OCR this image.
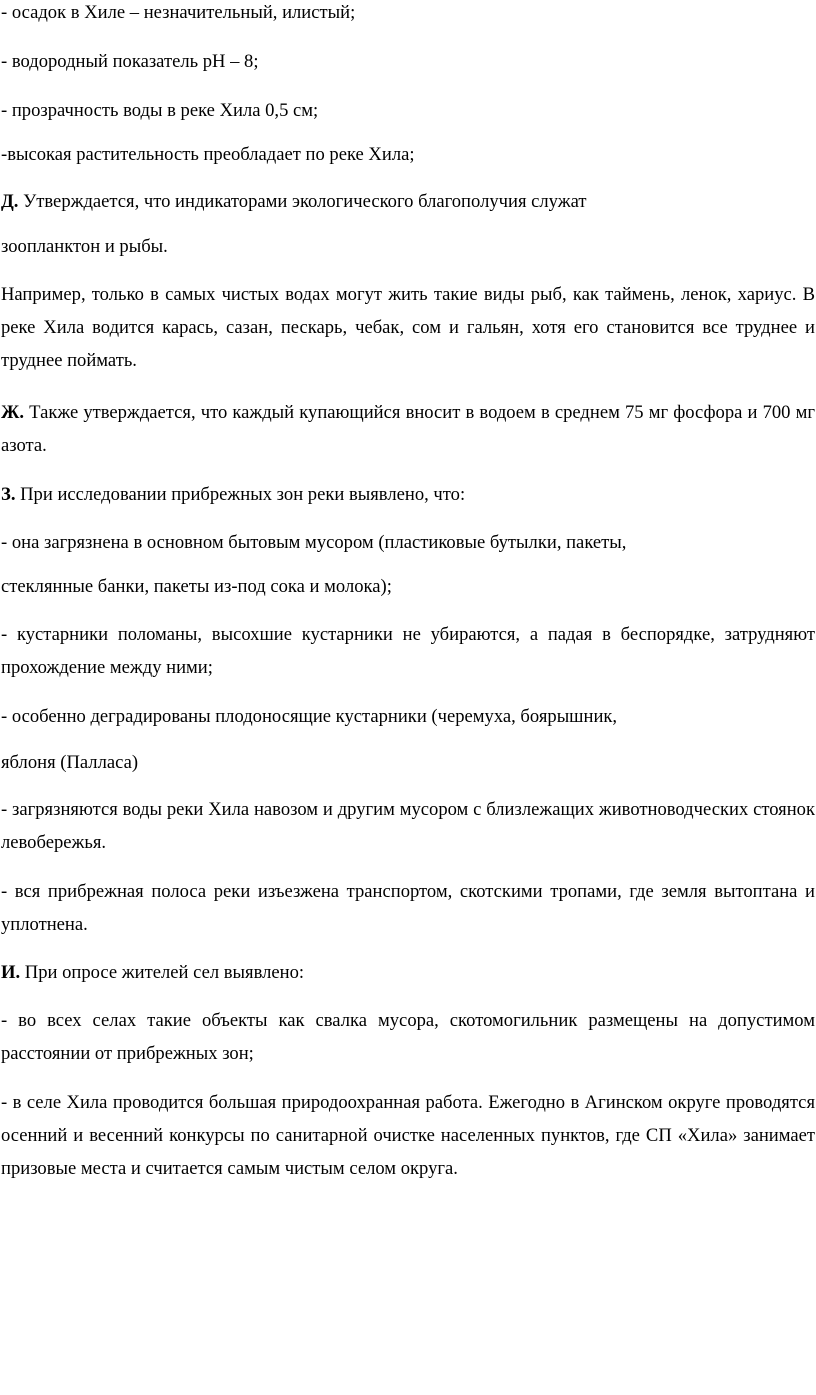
- осадок в Хиле – незначительный, илистый;

- водородный показатель pH – 8;

- прозрачность воды в реке Хила 0,5 см;

-высокая растительность преобладает по реке Хила;

Д. Утверждается, что индикаторами экологического благополучия служат

зоопланктон и рыбы.

Например, только в самых чистых водах могут жить такие виды рыб, как таймень, ленок, хариус. В реке Хила водится карась, сазан, пескарь, чебак, сом и гальян, хотя его становится все труднее и труднее поймать.

Ж. Также утверждается, что каждый купающийся вносит в водоем в среднем 75 мг фосфора и 700 мг азота.

З. При исследовании прибрежных зон реки выявлено, что:

- она загрязнена в основном бытовым мусором (пластиковые бутылки, пакеты,

стеклянные банки, пакеты из-под сока и молока);

- кустарники поломаны, высохшие кустарники не убираются, а падая в беспорядке, затрудняют прохождение между ними;

- особенно деградированы плодоносящие кустарники (черемуха, боярышник,

яблоня (Палласа)

- загрязняются воды реки Хила навозом и другим мусором с близлежащих животноводческих стоянок левобережья.

- вся прибрежная полоса реки изъезжена транспортом, скотскими тропами, где земля вытоптана и уплотнена.

И. При опросе жителей сел выявлено:

- во всех селах такие объекты как свалка мусора, скотомогильник размещены на допустимом расстоянии от прибрежных зон;

- в селе Хила проводится большая природоохранная работа. Ежегодно в Агинском округе проводятся осенний и весенний конкурсы по санитарной очистке населенных пунктов, где СП «Хила» занимает призовые места и считается самым чистым селом округа.
